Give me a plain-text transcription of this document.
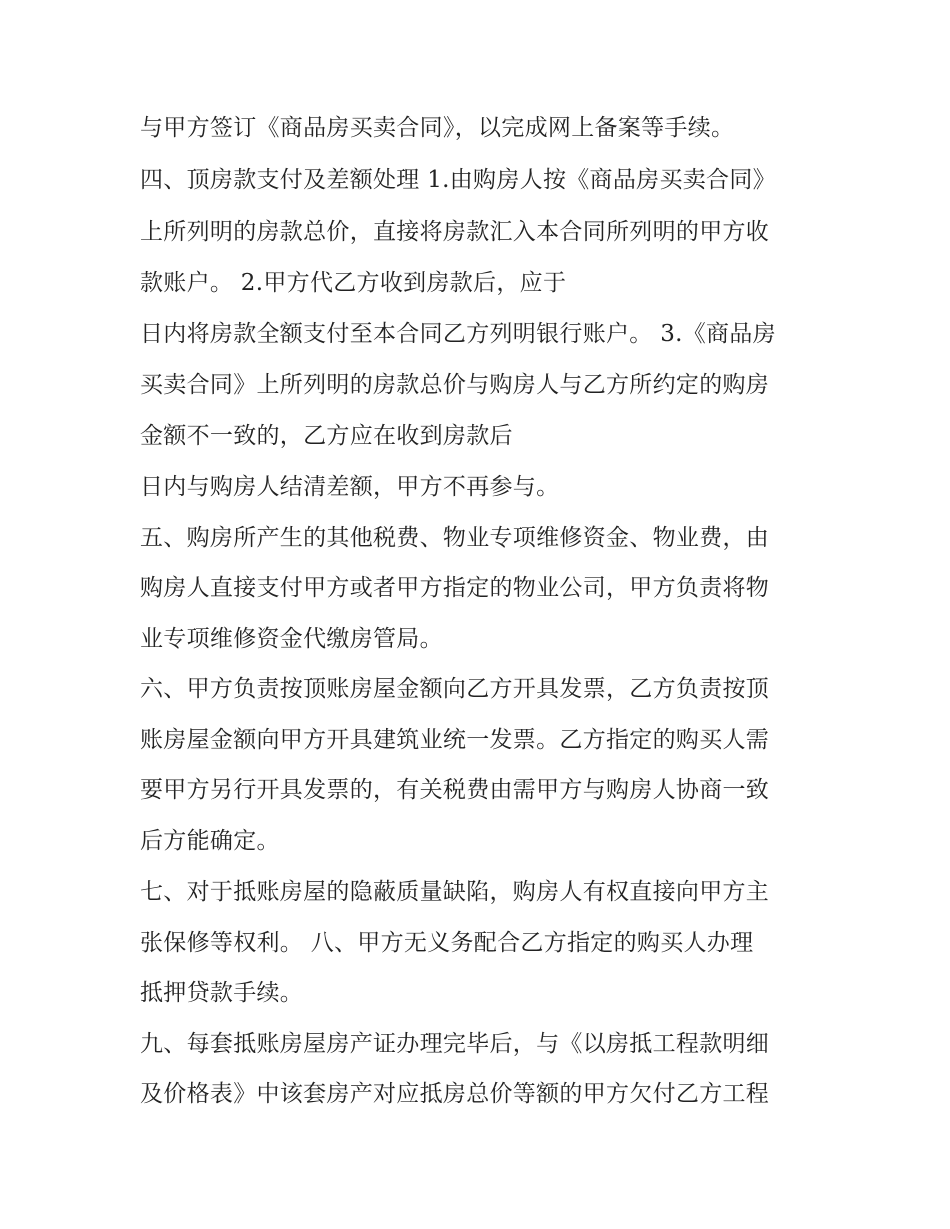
与甲方签订《商品房买卖合同》，以完成网上备案等手续。
四、顶房款支付及差额处理 1.由购房人按《商品房买卖合同》
上所列明的房款总价，直接将房款汇入本合同所列明的甲方收
款账户。 2.甲方代乙方收到房款后，应于
日内将房款全额支付至本合同乙方列明银行账户。 3.《商品房
买卖合同》上所列明的房款总价与购房人与乙方所约定的购房
金额不一致的，乙方应在收到房款后
日内与购房人结清差额，甲方不再参与。
五、购房所产生的其他税费、物业专项维修资金、物业费，由
购房人直接支付甲方或者甲方指定的物业公司，甲方负责将物
业专项维修资金代缴房管局。
六、甲方负责按顶账房屋金额向乙方开具发票，乙方负责按顶
账房屋金额向甲方开具建筑业统一发票。乙方指定的购买人需
要甲方另行开具发票的，有关税费由需甲方与购房人协商一致
后方能确定。
七、对于抵账房屋的隐蔽质量缺陷，购房人有权直接向甲方主
张保修等权利。 八、甲方无义务配合乙方指定的购买人办理
抵押贷款手续。
九、每套抵账房屋房产证办理完毕后，与《以房抵工程款明细
及价格表》中该套房产对应抵房总价等额的甲方欠付乙方工程
